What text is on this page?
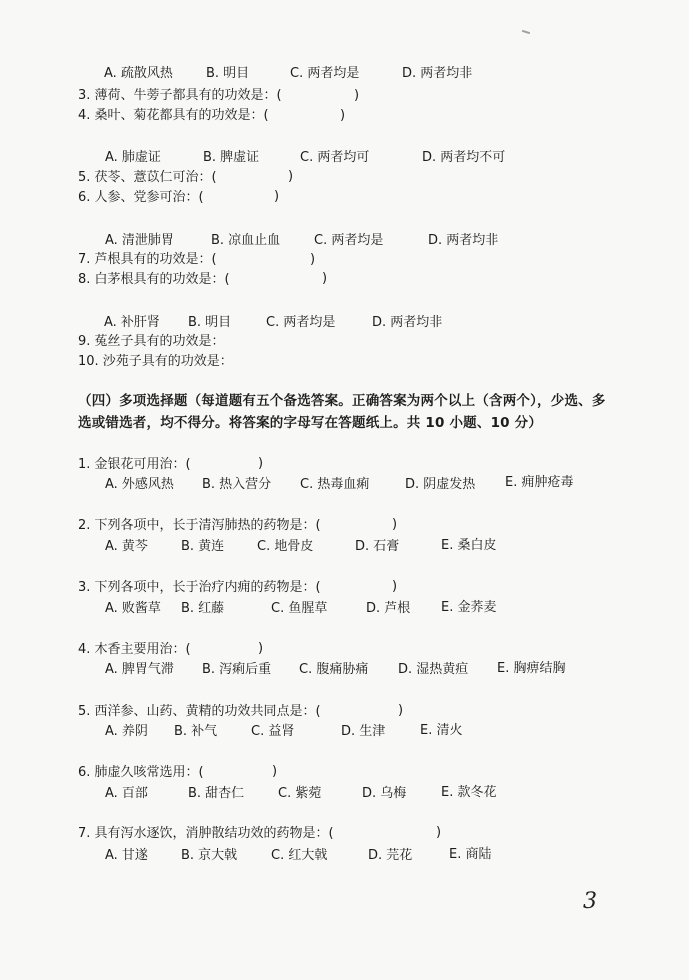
A. 疏散风热	B. 明目	C. 两者均是	D. 两者均非
3. 薄荷、牛蒡子都具有的功效是：(	)
4. 桑叶、菊花都具有的功效是：(	)
A. 肺虚证	B. 脾虚证	C. 两者均可	D. 两者均不可
5. 茯苓、薏苡仁可治：(	)
6. 人参、党参可治：(	)
A. 清泄肺胃	B. 凉血止血	C. 两者均是	D. 两者均非
7. 芦根具有的功效是：(	)
8. 白茅根具有的功效是：(	)
A. 补肝肾 B. 明目	C. 两者均是	D. 两者均非
9. 菟丝子具有的功效是：
10. 沙苑子具有的功效是：
（四）多项选择题（每道题有五个备选答案。正确答案为两个以上（含两个），少选、多
选或错选者，均不得分。将答案的字母写在答题纸上。共 10 小题、10 分）
1. 金银花可用治：(	)
A. 外感风热 B. 热入营分 C. 热毒血痢	D. 阴虚发热 E. 痈肿疮毒
2. 下列各项中，长于清泻肺热的药物是：(	)
A. 黄芩	B. 黄连	C. 地骨皮	D. 石膏	E. 桑白皮
3. 下列各项中，长于治疗内痈的药物是：(	)
A. 败酱草 B. 红藤	C. 鱼腥草	D. 芦根 E. 金荞麦
4. 木香主要用治：(	)
A. 脾胃气滞 B. 泻痢后重 C. 腹痛胁痛 D. 湿热黄疸 E. 胸痹结胸
5. 西洋参、山药、黄精的功效共同点是：(	)
A. 养阴 B. 补气	C. 益肾	D. 生津	E. 清火
6. 肺虚久咳常选用：(	)
A. 百部	B. 甜杏仁	C. 紫菀	D. 乌梅	E. 款冬花
7. 具有泻水逐饮，消肿散结功效的药物是：(	)
A. 甘遂	B. 京大戟	C. 红大戟	D. 芫花	E. 商陆
3
